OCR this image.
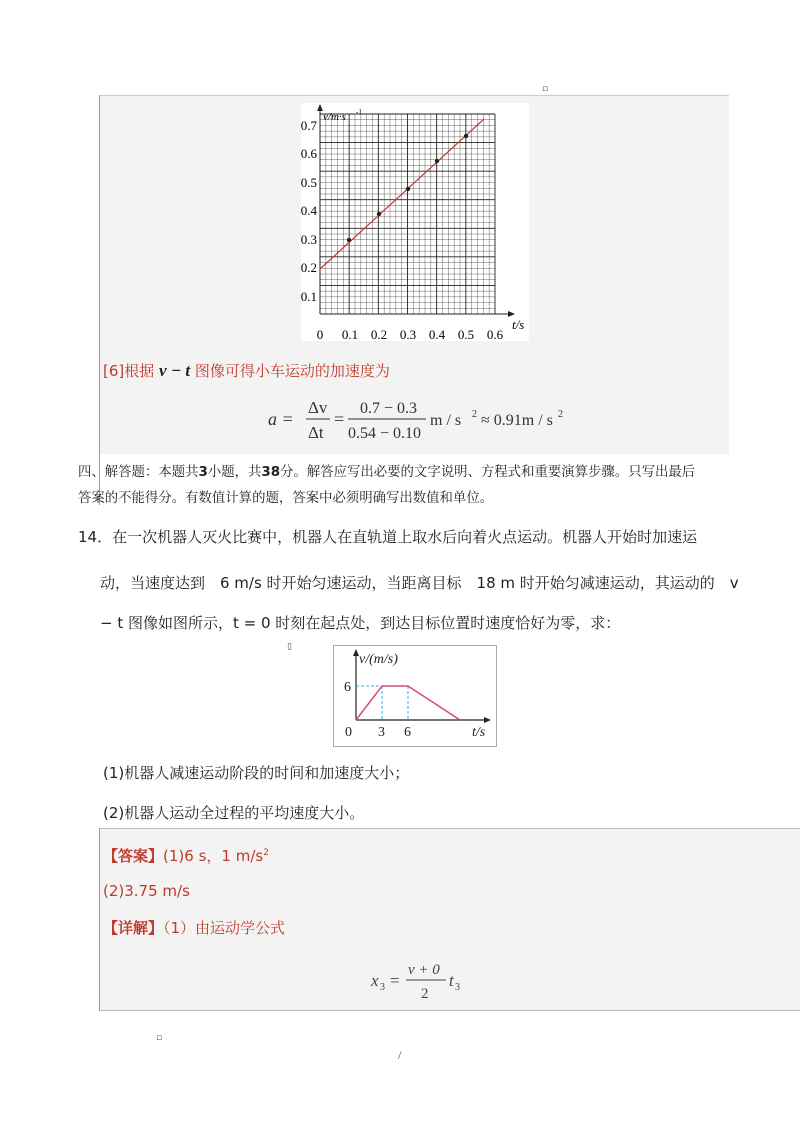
▫
v/m·s -1
t/s
0.7
0.6
0.5
0.4
0.3
0.2
0.1
0 0.1 0.2 0.3 0.4 0.5 0.6
[6]根据 v − t 图像可得小车运动的加速度为
a =
Δv
Δt
=
0.7 − 0.3
0.54 − 0.10
m / s 2 ≈ 0.91m / s 2
四、解答题：本题共3小题，共38分。解答应写出必要的文字说明、方程式和重要演算步骤。只写出最后
答案的不能得分。有数值计算的题，答案中必须明确写出数值和单位。
14．在一次机器人灭火比赛中，机器人在直轨道上取水后向着火点运动。机器人开始时加速运
动，当速度达到　6 m/s 时开始匀速运动，当距离目标　18 m 时开始匀减速运动，其运动的　v
− t 图像如图所示，t = 0 时刻在起点处，到达目标位置时速度恰好为零，求：
▯
v/(m/s)
6
0 3 6	t/s
(1)机器人减速运动阶段的时间和加速度大小；
(2)机器人运动全过程的平均速度大小。
【答案】(1)6 s，1 $m/s^2$
(2)3.75 m/s
【详解】（1）由运动学公式
x 3 =
v + 0
2
t 3
▫
/
